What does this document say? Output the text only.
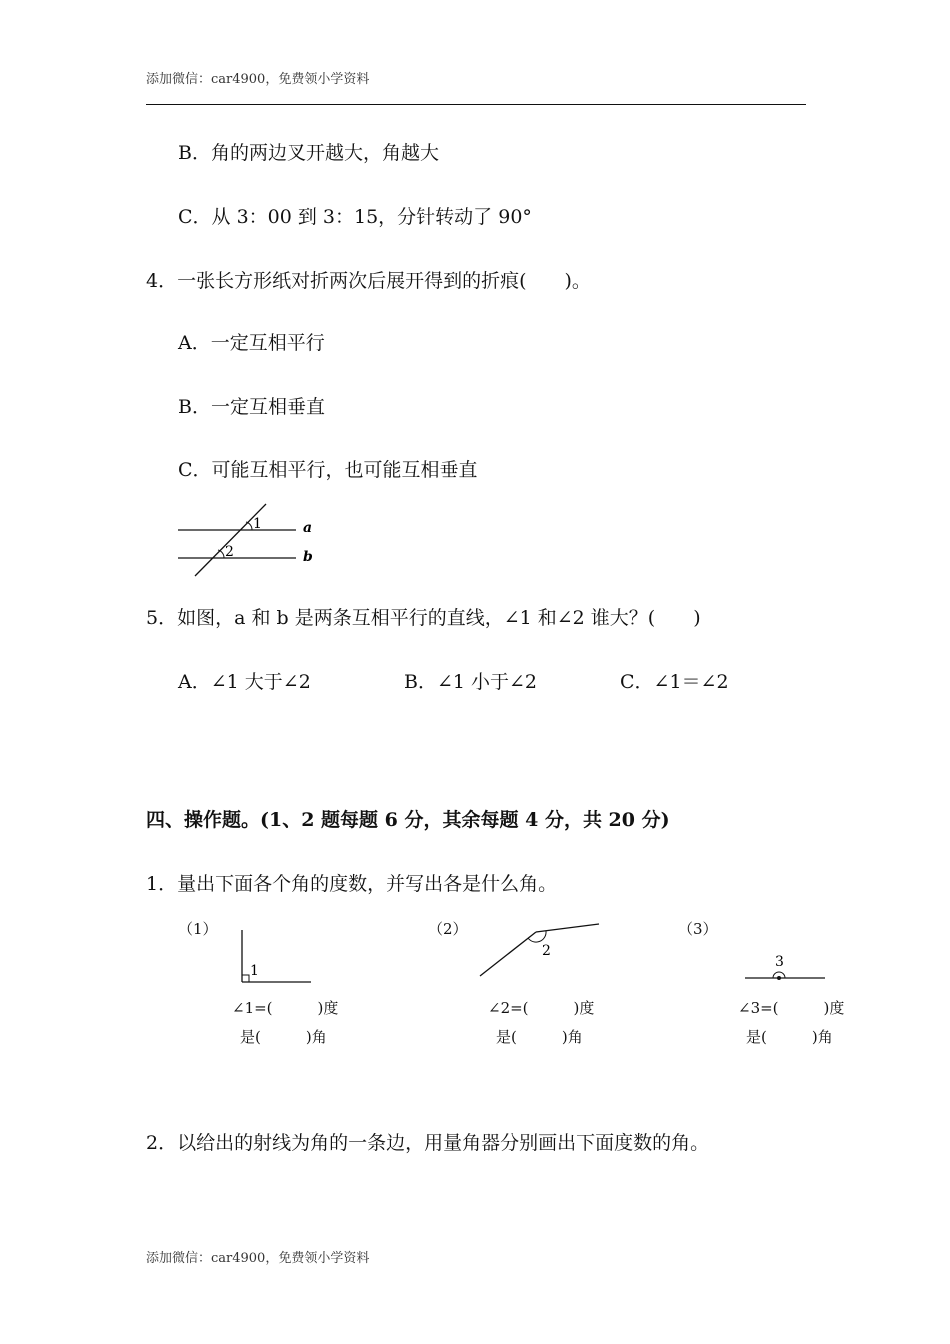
添加微信：car4900，免费领小学资料
B．角的两边叉开越大，角越大
C．从 3：00 到 3：15，分针转动了 90°
4．一张长方形纸对折两次后展开得到的折痕(　　)。
A．一定互相平行
B．一定互相垂直
C．可能互相平行，也可能互相垂直
1
2
a
b
5．如图，a 和 b 是两条互相平行的直线，∠1 和∠2 谁大？(　　)
A．∠1 大于∠2	B．∠1 小于∠2	C．∠1＝∠2
四、操作题。(1、2 题每题 6 分，其余每题 4 分，共 20 分)
1．量出下面各个角的度数，并写出各是什么角。
（1）
1
∠1=(　　　)度
是(　　　)角
（2）
2
∠2=(　　　)度
是(　　　)角
（3）
3
∠3=(　　　)度
是(　　　)角
2．以给出的射线为角的一条边，用量角器分别画出下面度数的角。
添加微信：car4900，免费领小学资料
